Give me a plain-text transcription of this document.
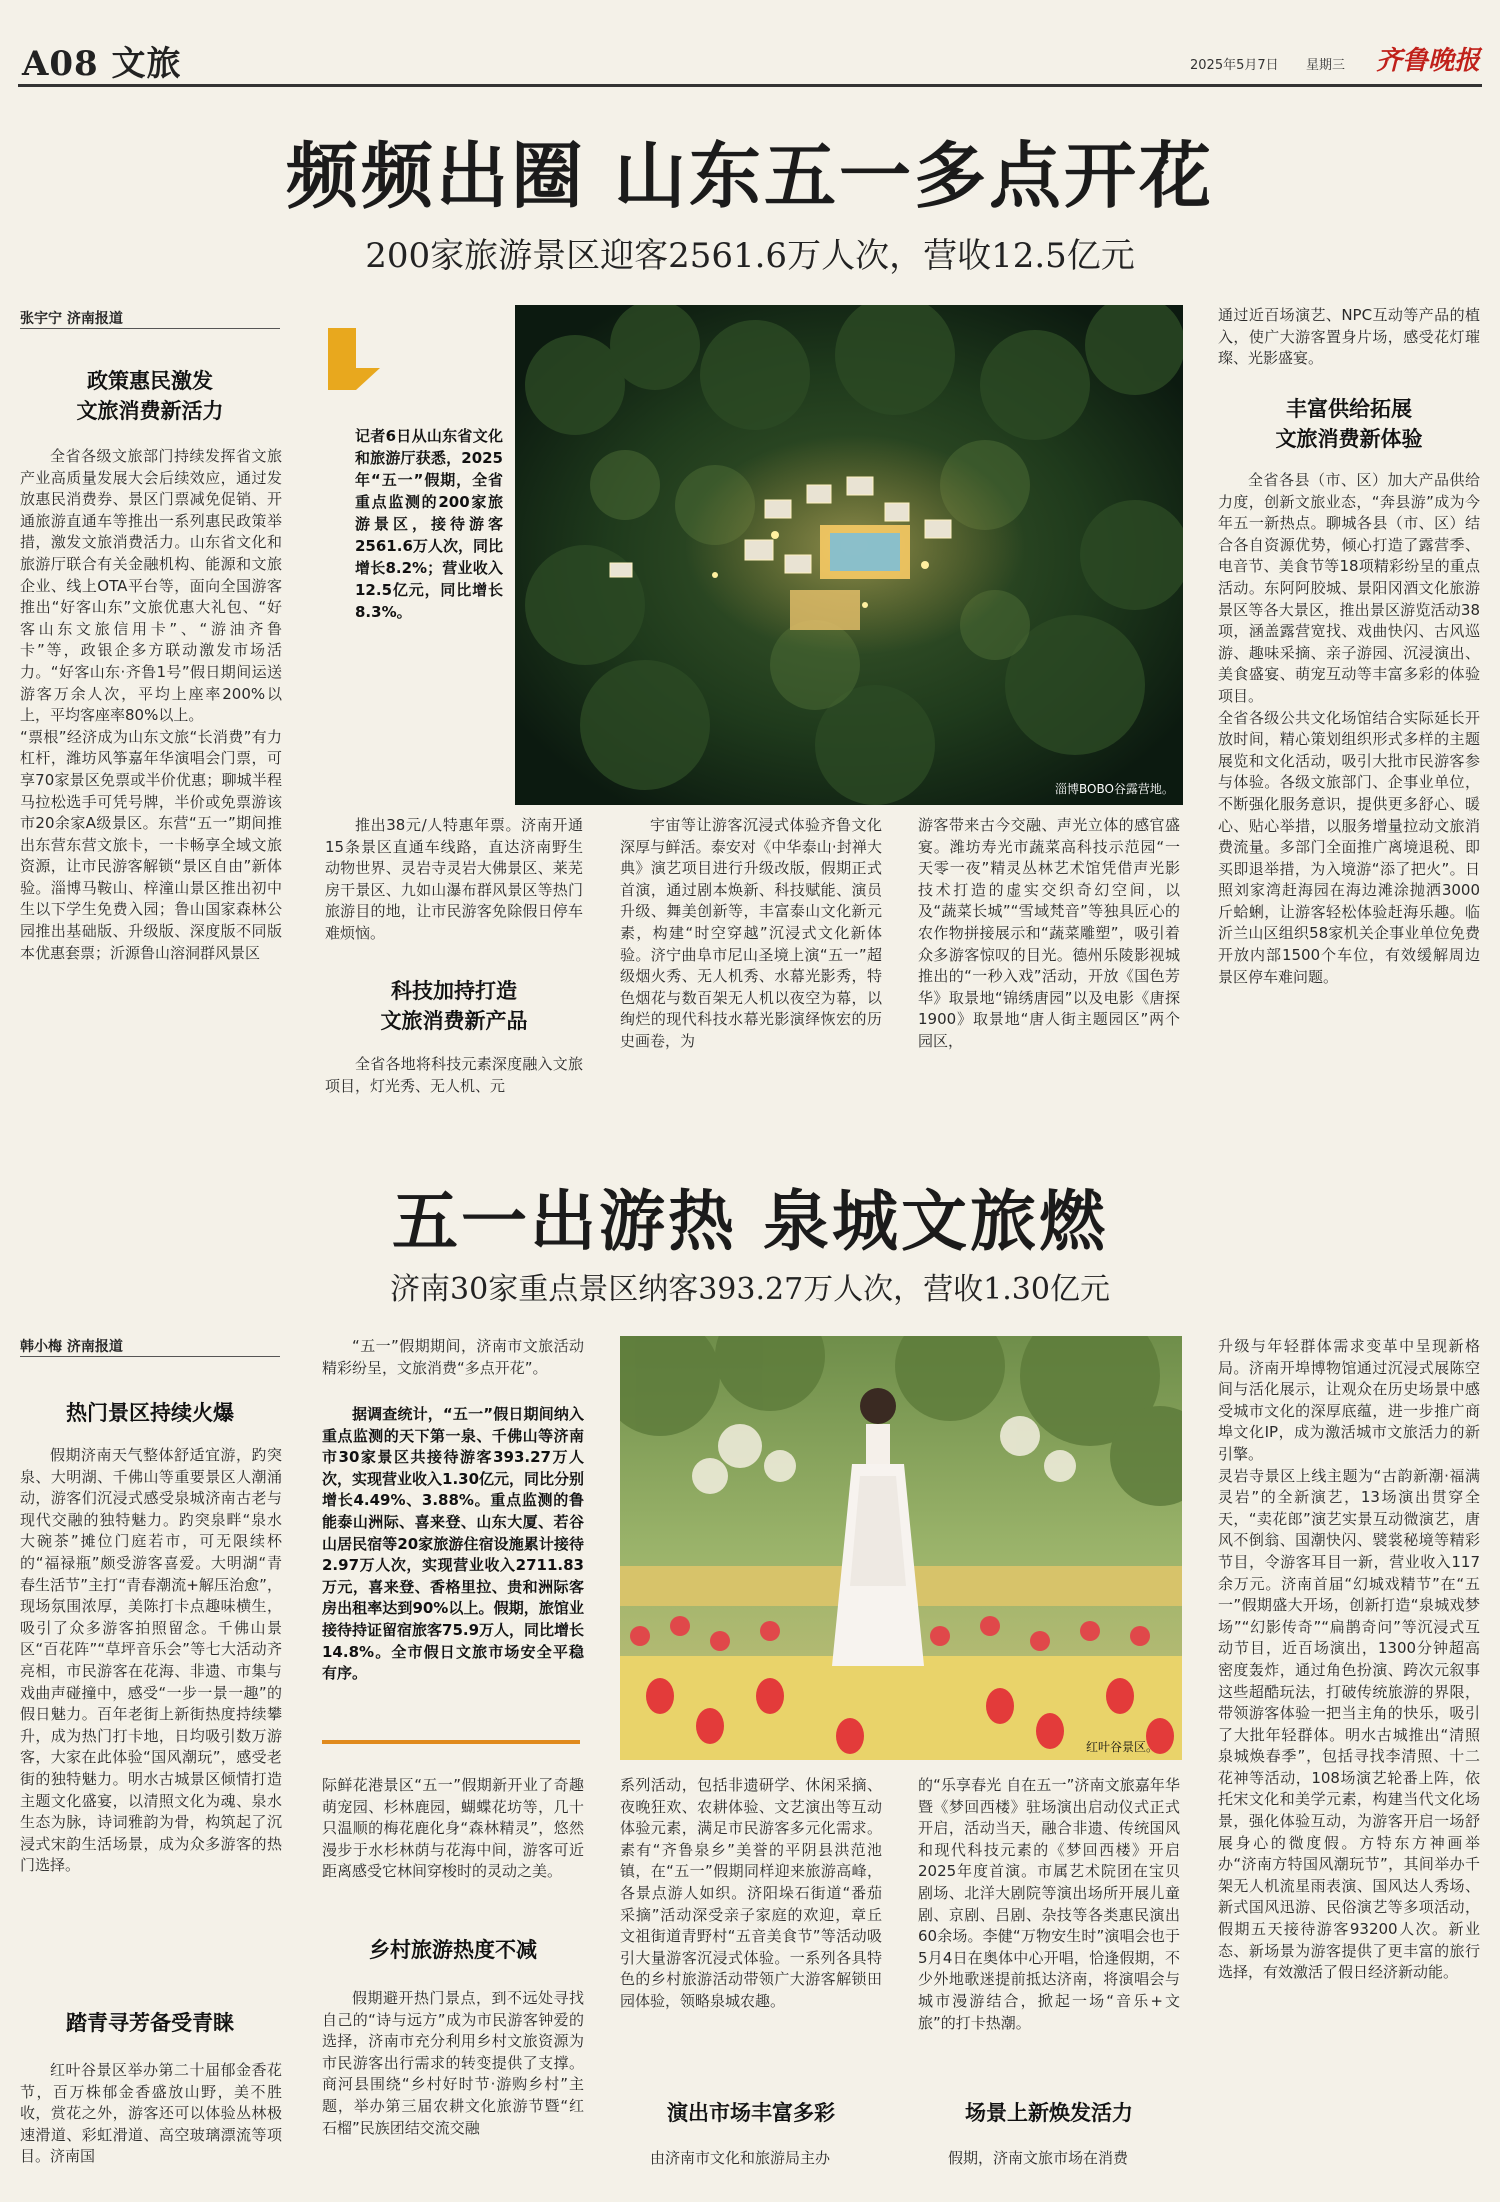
A08 文旅	2025年5月7日 星期三 齐鲁晚报
频频出圈 山东五一多点开花
200家旅游景区迎客2561.6万人次，营收12.5亿元
张宇宁 济南报道
政策惠民激发
文旅消费新活力
全省各级文旅部门持续发挥省文旅产业高质量发展大会后续效应，通过发放惠民消费券、景区门票减免促销、开通旅游直通车等推出一系列惠民政策举措，激发文旅消费活力。山东省文化和旅游厅联合有关金融机构、能源和文旅企业、线上OTA平台等，面向全国游客推出“好客山东”文旅优惠大礼包、“好客山东文旅信用卡”、“游油齐鲁卡”等，政银企多方联动激发市场活力。“好客山东·齐鲁1号”假日期间运送游客万余人次，平均上座率200%以上，平均客座率80%以上。
“票根”经济成为山东文旅“长消费”有力杠杆，潍坊风筝嘉年华演唱会门票，可享70家景区免票或半价优惠；聊城半程马拉松选手可凭号牌，半价或免票游该市20余家A级景区。东营“五一”期间推出东营东营文旅卡，一卡畅享全域文旅资源，让市民游客解锁“景区自由”新体验。淄博马鞍山、梓潼山景区推出初中生以下学生免费入园；鲁山国家森林公园推出基础版、升级版、深度版不同版本优惠套票；沂源鲁山溶洞群风景区
记者6日从山东省文化和旅游厅获悉，2025年“五一”假期，全省重点监测的200家旅游景区，接待游客2561.6万人次，同比增长8.2%；营业收入12.5亿元，同比增长8.3%。
淄博BOBO谷露营地。
推出38元/人特惠年票。济南开通15条景区直通车线路，直达济南野生动物世界、灵岩寺灵岩大佛景区、莱芜房干景区、九如山瀑布群风景区等热门旅游目的地，让市民游客免除假日停车难烦恼。
科技加持打造
文旅消费新产品
全省各地将科技元素深度融入文旅项目，灯光秀、无人机、元
宇宙等让游客沉浸式体验齐鲁文化深厚与鲜活。泰安对《中华泰山·封禅大典》演艺项目进行升级改版，假期正式首演，通过剧本焕新、科技赋能、演员升级、舞美创新等，丰富泰山文化新元素，构建“时空穿越”沉浸式文化新体验。济宁曲阜市尼山圣境上演“五一”超级烟火秀、无人机秀、水幕光影秀，特色烟花与数百架无人机以夜空为幕，以绚烂的现代科技水幕光影演绎恢宏的历史画卷，为
游客带来古今交融、声光立体的感官盛宴。潍坊寿光市蔬菜高科技示范园“一天零一夜”精灵丛林艺术馆凭借声光影技术打造的虚实交织奇幻空间，以及“蔬菜长城”“雪域梵音”等独具匠心的农作物拼接展示和“蔬菜雕塑”，吸引着众多游客惊叹的目光。德州乐陵影视城推出的“一秒入戏”活动，开放《国色芳华》取景地“锦绣唐园”以及电影《唐探1900》取景地“唐人街主题园区”两个园区，
通过近百场演艺、NPC互动等产品的植入，使广大游客置身片场，感受花灯璀璨、光影盛宴。
丰富供给拓展
文旅消费新体验
全省各县（市、区）加大产品供给力度，创新文旅业态，“奔县游”成为今年五一新热点。聊城各县（市、区）结合各自资源优势，倾心打造了露营季、电音节、美食节等18项精彩纷呈的重点活动。东阿阿胶城、景阳冈酒文化旅游景区等各大景区，推出景区游览活动38项，涵盖露营宽找、戏曲快闪、古风巡游、趣味采摘、亲子游园、沉浸演出、美食盛宴、萌宠互动等丰富多彩的体验项目。
全省各级公共文化场馆结合实际延长开放时间，精心策划组织形式多样的主题展览和文化活动，吸引大批市民游客参与体验。各级文旅部门、企事业单位，不断强化服务意识，提供更多舒心、暖心、贴心举措，以服务增量拉动文旅消费流量。多部门全面推广离境退税、即买即退举措，为入境游“添了把火”。日照刘家湾赶海园在海边滩涂抛洒3000斤蛤蜊，让游客轻松体验赶海乐趣。临沂兰山区组织58家机关企事业单位免费开放内部1500个车位，有效缓解周边景区停车难问题。
五一出游热 泉城文旅燃
济南30家重点景区纳客393.27万人次，营收1.30亿元
韩小梅 济南报道
热门景区持续火爆
假期济南天气整体舒适宜游，趵突泉、大明湖、千佛山等重要景区人潮涌动，游客们沉浸式感受泉城济南古老与现代交融的独特魅力。趵突泉畔“泉水大碗茶”摊位门庭若市，可无限续杯的“福禄瓶”颇受游客喜爱。大明湖“青春生活节”主打“青春潮流+解压治愈”，现场氛围浓厚，美陈打卡点趣味横生，吸引了众多游客拍照留念。千佛山景区“百花阵”“草坪音乐会”等七大活动齐亮相，市民游客在花海、非遗、市集与戏曲声碰撞中，感受“一步一景一趣”的假日魅力。百年老街上新街热度持续攀升，成为热门打卡地，日均吸引数万游客，大家在此体验“国风潮玩”，感受老街的独特魅力。明水古城景区倾情打造主题文化盛宴，以清照文化为魂、泉水生态为脉，诗词雅韵为骨，构筑起了沉浸式宋韵生活场景，成为众多游客的热门选择。
踏青寻芳备受青睐
红叶谷景区举办第二十届郁金香花节，百万株郁金香盛放山野，美不胜收，赏花之外，游客还可以体验丛林极速滑道、彩虹滑道、高空玻璃漂流等项目。济南国
“五一”假期期间，济南市文旅活动精彩纷呈，文旅消费“多点开花”。
据调查统计，“五一”假日期间纳入重点监测的天下第一泉、千佛山等济南市30家景区共接待游客393.27万人次，实现营业收入1.30亿元，同比分别增长4.49%、3.88%。重点监测的鲁能泰山洲际、喜来登、山东大厦、若谷山居民宿等20家旅游住宿设施累计接待2.97万人次，实现营业收入2711.83万元，喜来登、香格里拉、贵和洲际客房出租率达到90%以上。假期，旅馆业接待持证留宿旅客75.9万人，同比增长14.8%。全市假日文旅市场安全平稳有序。
际鲜花港景区“五一”假期新开业了奇趣萌宠园、杉林鹿园，蝴蝶花坊等，几十只温顺的梅花鹿化身“森林精灵”，悠然漫步于水杉林荫与花海中间，游客可近距离感受它林间穿梭时的灵动之美。
乡村旅游热度不减
假期避开热门景点，到不远处寻找自己的“诗与远方”成为市民游客钟爱的选择，济南市充分利用乡村文旅资源为市民游客出行需求的转变提供了支撑。商河县围绕“乡村好时节·游购乡村”主题，举办第三届农耕文化旅游节暨“红石榴”民族团结交流交融
红叶谷景区。
系列活动，包括非遗研学、休闲采摘、夜晚狂欢、农耕体验、文艺演出等互动体验元素，满足市民游客多元化需求。素有“齐鲁泉乡”美誉的平阴县洪范池镇，在“五一”假期同样迎来旅游高峰，各景点游人如织。济阳垛石街道“番茄采摘”活动深受亲子家庭的欢迎，章丘文祖街道青野村“五音美食节”等活动吸引大量游客沉浸式体验。一系列各具特色的乡村旅游活动带领广大游客解锁田园体验，领略泉城农趣。
演出市场丰富多彩
由济南市文化和旅游局主办
的“乐享春光 自在五一”济南文旅嘉年华暨《梦回西楼》驻场演出启动仪式正式开启，活动当天，融合非遗、传统国风和现代科技元素的《梦回西楼》开启2025年度首演。市属艺术院团在宝贝剧场、北洋大剧院等演出场所开展儿童剧、京剧、吕剧、杂技等各类惠民演出60余场。李健“万物安生时”演唱会也于5月4日在奥体中心开唱，恰逢假期，不少外地歌迷提前抵达济南，将演唱会与城市漫游结合，掀起一场“音乐+文旅”的打卡热潮。
场景上新焕发活力
假期，济南文旅市场在消费
升级与年轻群体需求变革中呈现新格局。济南开埠博物馆通过沉浸式展陈空间与活化展示，让观众在历史场景中感受城市文化的深厚底蕴，进一步推广商埠文化IP，成为激活城市文旅活力的新引擎。
灵岩寺景区上线主题为“古韵新潮·福满灵岩”的全新演艺，13场演出贯穿全天，“卖花郎”演艺实景互动微演艺，唐风不倒翁、国潮快闪、襞裳秘境等精彩节目，令游客耳目一新，营业收入117余万元。济南首届“幻城戏精节”在“五一”假期盛大开场，创新打造“泉城戏梦场”“幻影传奇”“扁鹊奇问”等沉浸式互动节目，近百场演出，1300分钟超高密度轰炸，通过角色扮演、跨次元叙事这些超酷玩法，打破传统旅游的界限，带领游客体验一把当主角的快乐，吸引了大批年轻群体。明水古城推出“清照泉城焕春季”，包括寻找李清照、十二花神等活动，108场演艺轮番上阵，依托宋文化和美学元素，构建当代文化场景，强化体验互动，为游客开启一场舒展身心的微度假。方特东方神画举办“济南方特国风潮玩节”，其间举办千架无人机流星雨表演、国风达人秀场、新式国风迅游、民俗演艺等多项活动，假期五天接待游客93200人次。新业态、新场景为游客提供了更丰富的旅行选择，有效激活了假日经济新动能。
